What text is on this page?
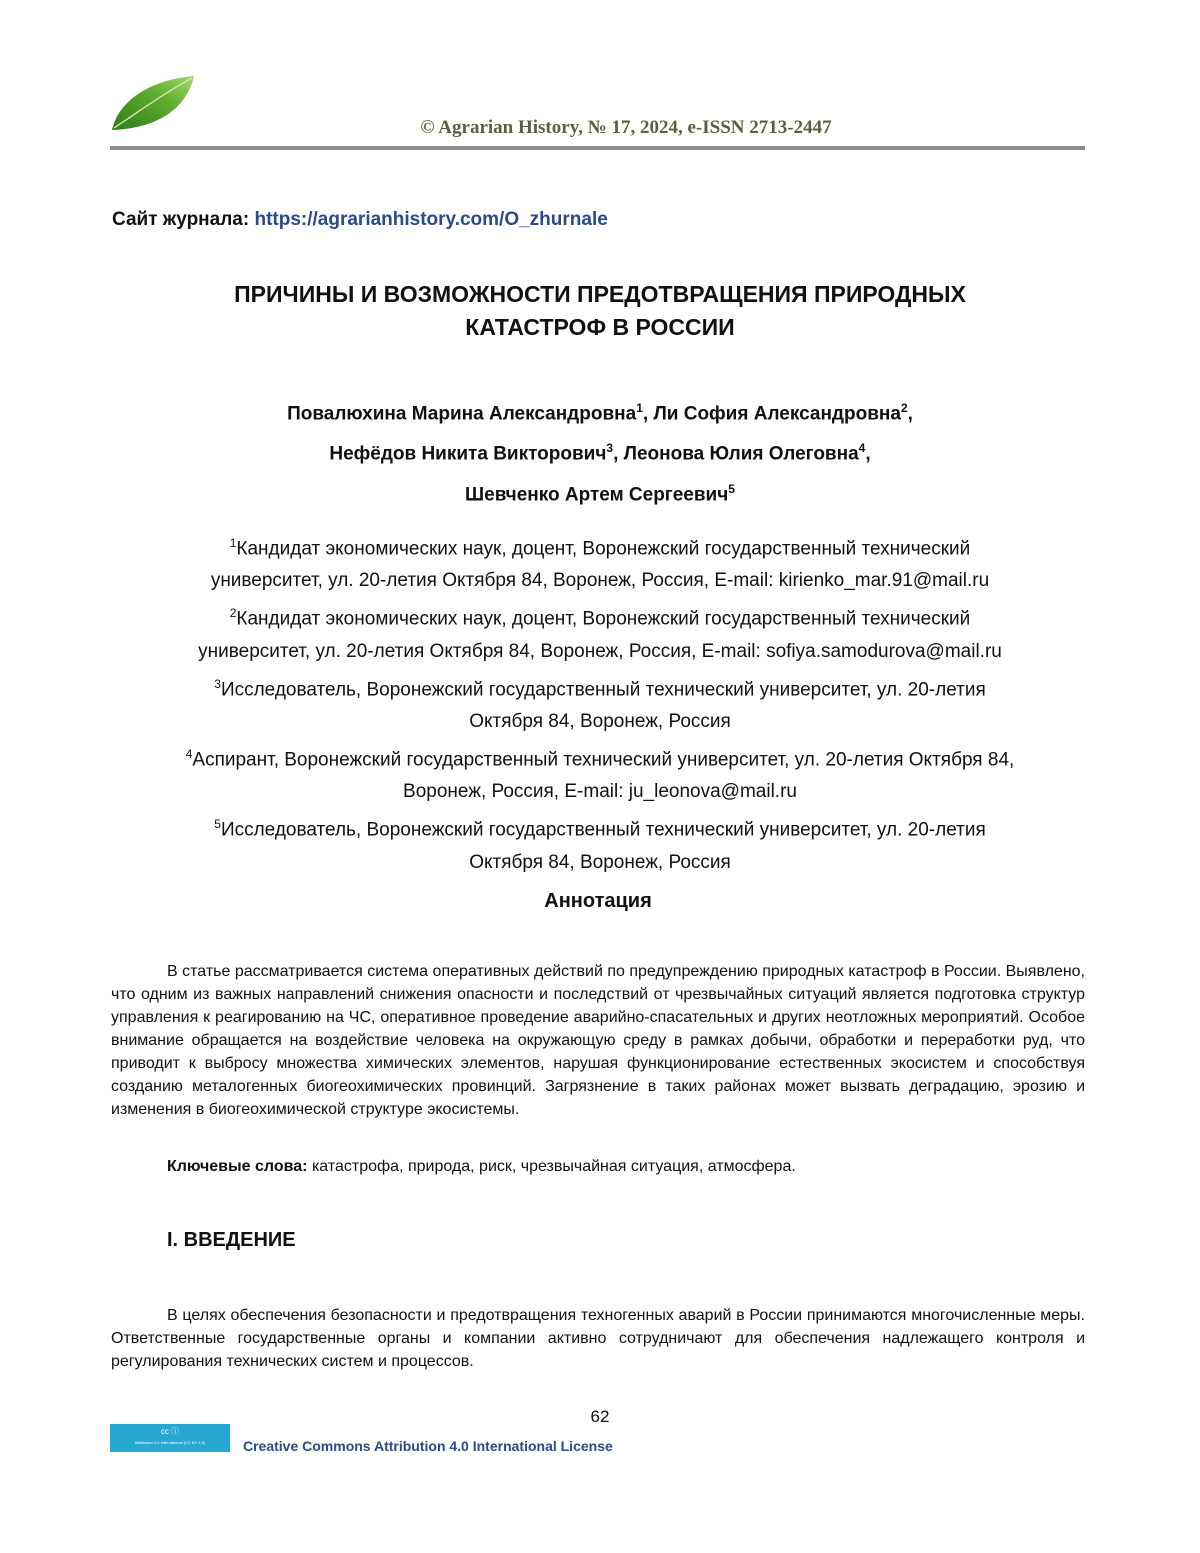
© Agrarian History, № 17, 2024, e-ISSN 2713-2447
Сайт журнала: https://agrarianhistory.com/O_zhurnale
ПРИЧИНЫ И ВОЗМОЖНОСТИ ПРЕДОТВРАЩЕНИЯ ПРИРОДНЫХ
КАТАСТРОФ В РОССИИ
Повалюхина Марина Александровна$^1$, Ли София Александровна$^2$,
Нефёдов Никита Викторович$^3$, Леонова Юлия Олеговна$^4$,
Шевченко Артем Сергеевич$^5$
$^1$Кандидат экономических наук, доцент, Воронежский государственный технический
университет, ул. 20-летия Октября 84, Воронеж, Россия, E-mail: kirienko_mar.91@mail.ru
$^2$Кандидат экономических наук, доцент, Воронежский государственный технический
университет, ул. 20-летия Октября 84, Воронеж, Россия, E-mail: sofiya.samodurova@mail.ru
$^3$Исследователь, Воронежский государственный технический университет, ул. 20-летия
Октября 84, Воронеж, Россия
$^4$Аспирант, Воронежский государственный технический университет, ул. 20-летия Октября 84,
Воронеж, Россия, E-mail: ju_leonova@mail.ru
$^5$Исследователь, Воронежский государственный технический университет, ул. 20-летия
Октября 84, Воронеж, Россия
Аннотация
В статье рассматривается система оперативных действий по предупреждению природных катастроф в России. Выявлено, что одним из важных направлений снижения опасности и последствий от чрезвычайных ситуаций является подготовка структур управления к реагированию на ЧС, оперативное проведение аварийно-спасательных и других неотложных мероприятий. Особое внимание обращается на воздействие человека на окружающую среду в рамках добычи, обработки и переработки руд, что приводит к выбросу множества химических элементов, нарушая функционирование естественных экосистем и способствуя созданию металогенных биогеохимических провинций. Загрязнение в таких районах может вызвать деградацию, эрозию и изменения в биогеохимической структуре экосистемы.
Ключевые слова: катастрофа, природа, риск, чрезвычайная ситуация, атмосфера.
I. ВВЕДЕНИЕ
В целях обеспечения безопасности и предотвращения техногенных аварий в России принимаются многочисленные меры. Ответственные государственные органы и компании активно сотрудничают для обеспечения надлежащего контроля и регулирования технических систем и процессов.
62
cc ⓘ
Attribution 4.0 International (CC BY 4.0)	Creative Commons Attribution 4.0 International License
